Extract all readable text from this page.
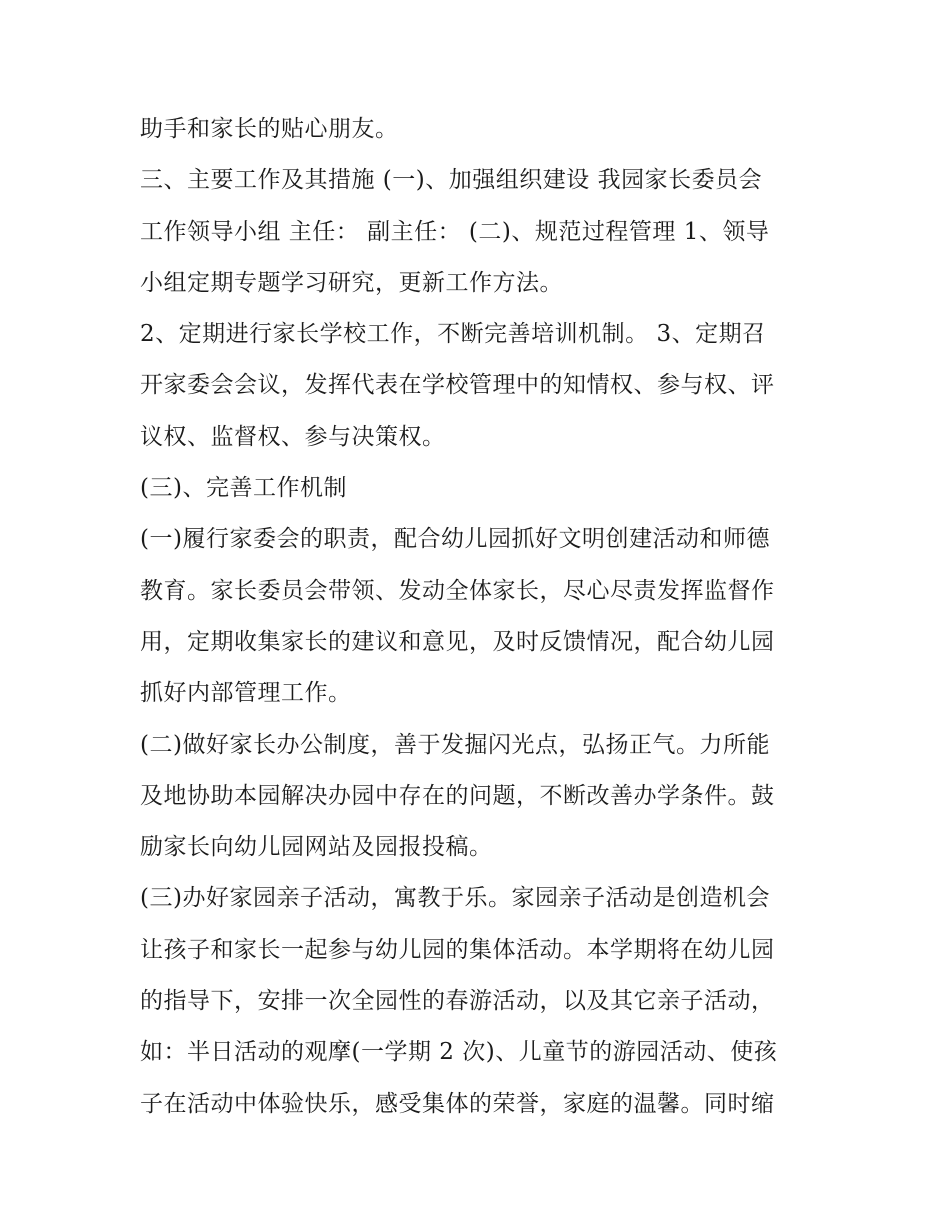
助手和家长的贴心朋友。
三、主要工作及其措施 (一)、加强组织建设 我园家长委员会
工作领导小组 主任： 副主任： (二)、规范过程管理 1、领导
小组定期专题学习研究，更新工作方法。
2、定期进行家长学校工作，不断完善培训机制。 3、定期召
开家委会会议，发挥代表在学校管理中的知情权、参与权、评
议权、监督权、参与决策权。
(三)、完善工作机制
(一)履行家委会的职责，配合幼儿园抓好文明创建活动和师德
教育。家长委员会带领、发动全体家长，尽心尽责发挥监督作
用，定期收集家长的建议和意见，及时反馈情况，配合幼儿园
抓好内部管理工作。
(二)做好家长办公制度，善于发掘闪光点，弘扬正气。力所能
及地协助本园解决办园中存在的问题，不断改善办学条件。鼓
励家长向幼儿园网站及园报投稿。
(三)办好家园亲子活动，寓教于乐。家园亲子活动是创造机会
让孩子和家长一起参与幼儿园的集体活动。本学期将在幼儿园
的指导下，安排一次全园性的春游活动，以及其它亲子活动，
如：半日活动的观摩(一学期 2 次)、儿童节的游园活动、使孩
子在活动中体验快乐，感受集体的荣誉，家庭的温馨。同时缩
